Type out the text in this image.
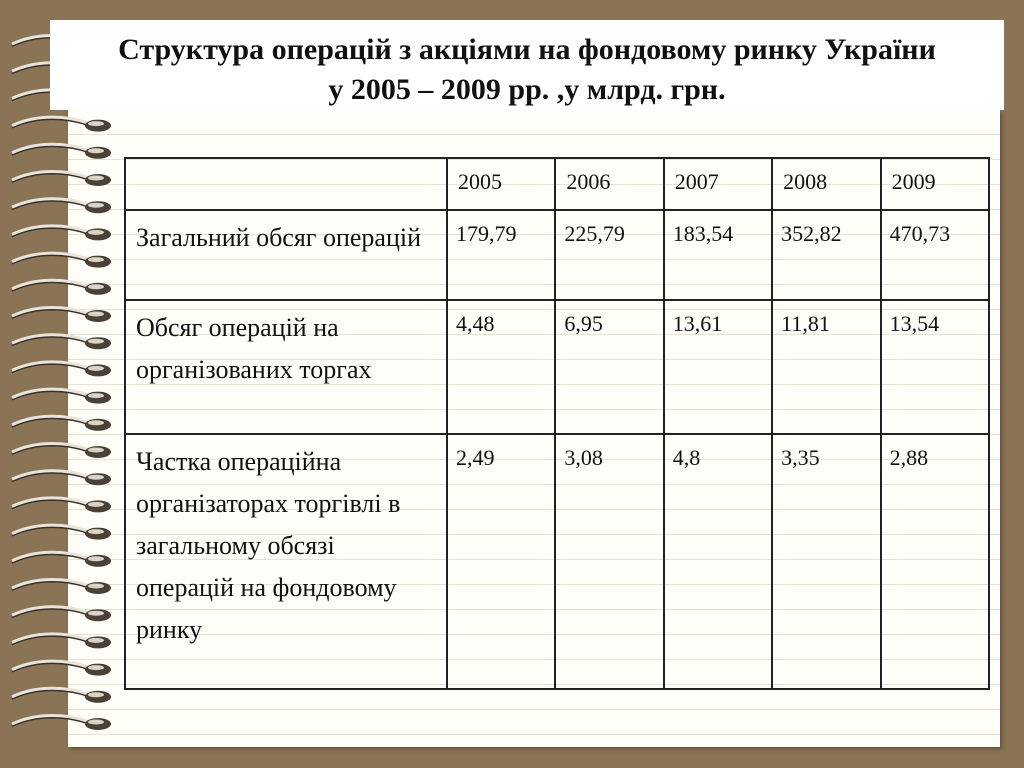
Структура операцій з акціями на фондовому ринку України
у 2005 – 2009 рр. ,у млрд. грн.
	2005	2006	2007	2008	2009
Загальний обсяг операцій	179,79	225,79	183,54	352,82	470,73
Обсяг операцій на організованих торгах	4,48	6,95	13,61	11,81	13,54
Частка операційна організаторах торгівлі в загальному обсязі операцій на фондовому ринку	2,49	3,08	4,8	3,35	2,88
